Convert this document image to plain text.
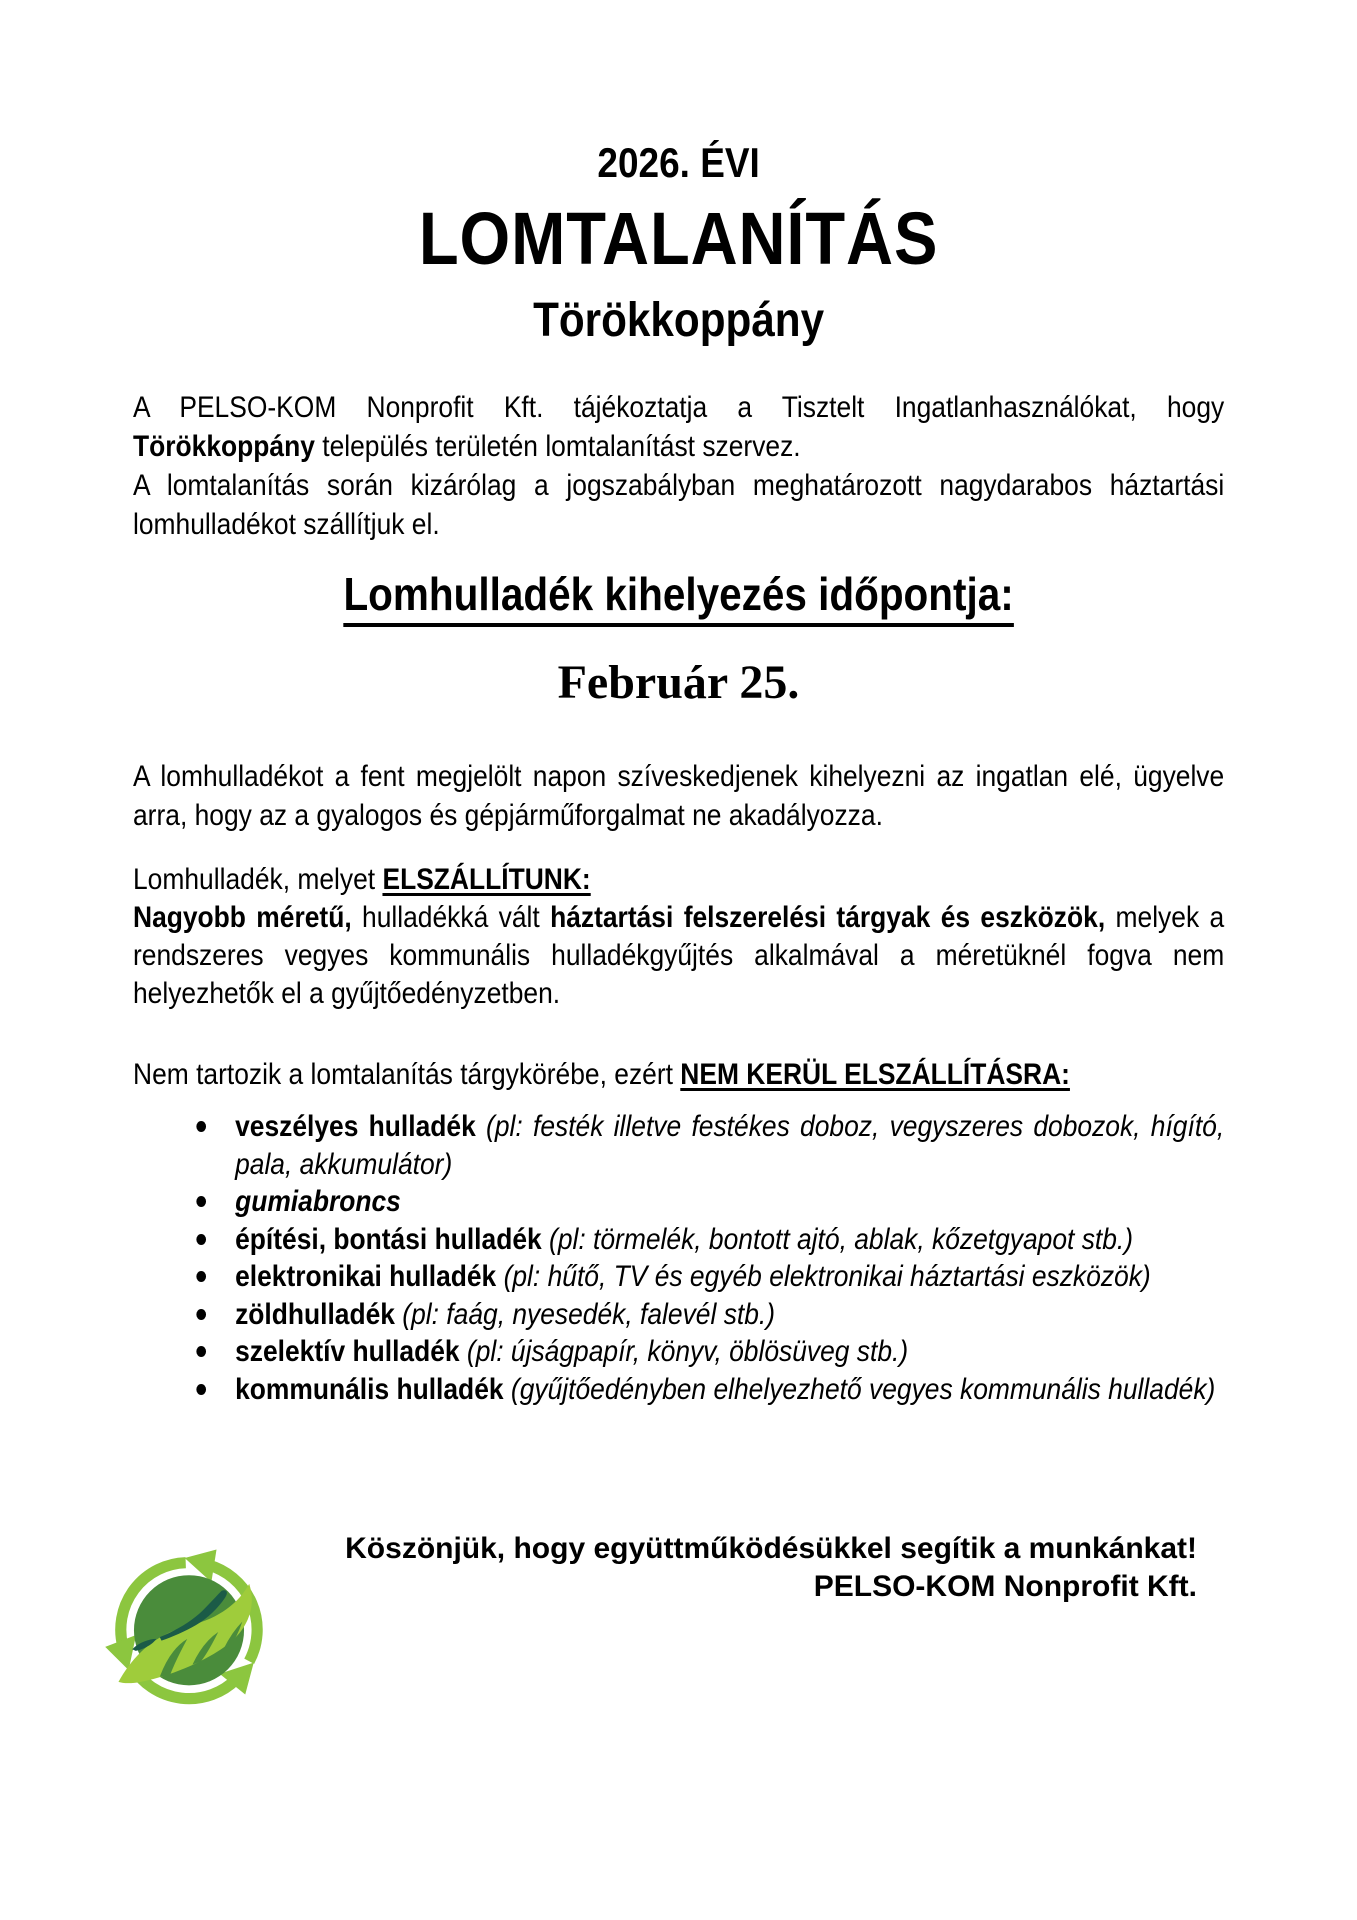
2026. ÉVI
LOMTALANÍTÁS
Törökkoppány

A PELSO-KOM Nonprofit Kft. tájékoztatja a Tisztelt Ingatlanhasználókat, hogy Törökkoppány település területén lomtalanítást szervez.

A lomtalanítás során kizárólag a jogszabályban meghatározott nagydarabos háztartási lomhulladékot szállítjuk el.

Lomhulladék kihelyezés időpontja:
Február 25.

A lomhulladékot a fent megjelölt napon szíveskedjenek kihelyezni az ingatlan elé, ügyelve arra, hogy az a gyalogos és gépjárműforgalmat ne akadályozza.

Lomhulladék, melyet ELSZÁLLÍTUNK:

Nagyobb méretű, hulladékká vált háztartási felszerelési tárgyak és eszközök, melyek a rendszeres vegyes kommunális hulladékgyűjtés alkalmával a méretüknél fogva nem helyezhetők el a gyűjtőedényzetben.

Nem tartozik a lomtalanítás tárgykörébe, ezért NEM KERÜL ELSZÁLLÍTÁSRA:

veszélyes hulladék (pl: festék illetve festékes doboz, vegyszeres dobozok, hígító, pala, akkumulátor)
gumiabroncs
építési, bontási hulladék (pl: törmelék, bontott ajtó, ablak, kőzetgyapot stb.)
elektronikai hulladék (pl: hűtő, TV és egyéb elektronikai háztartási eszközök)
zöldhulladék (pl: faág, nyesedék, falevél stb.)
szelektív hulladék (pl: újságpapír, könyv, öblösüveg stb.)
kommunális hulladék (gyűjtőedényben elhelyezhető vegyes kommunális hulladék)
Köszönjük, hogy együttműködésükkel segítik a munkánkat!
PELSO-KOM Nonprofit Kft.
